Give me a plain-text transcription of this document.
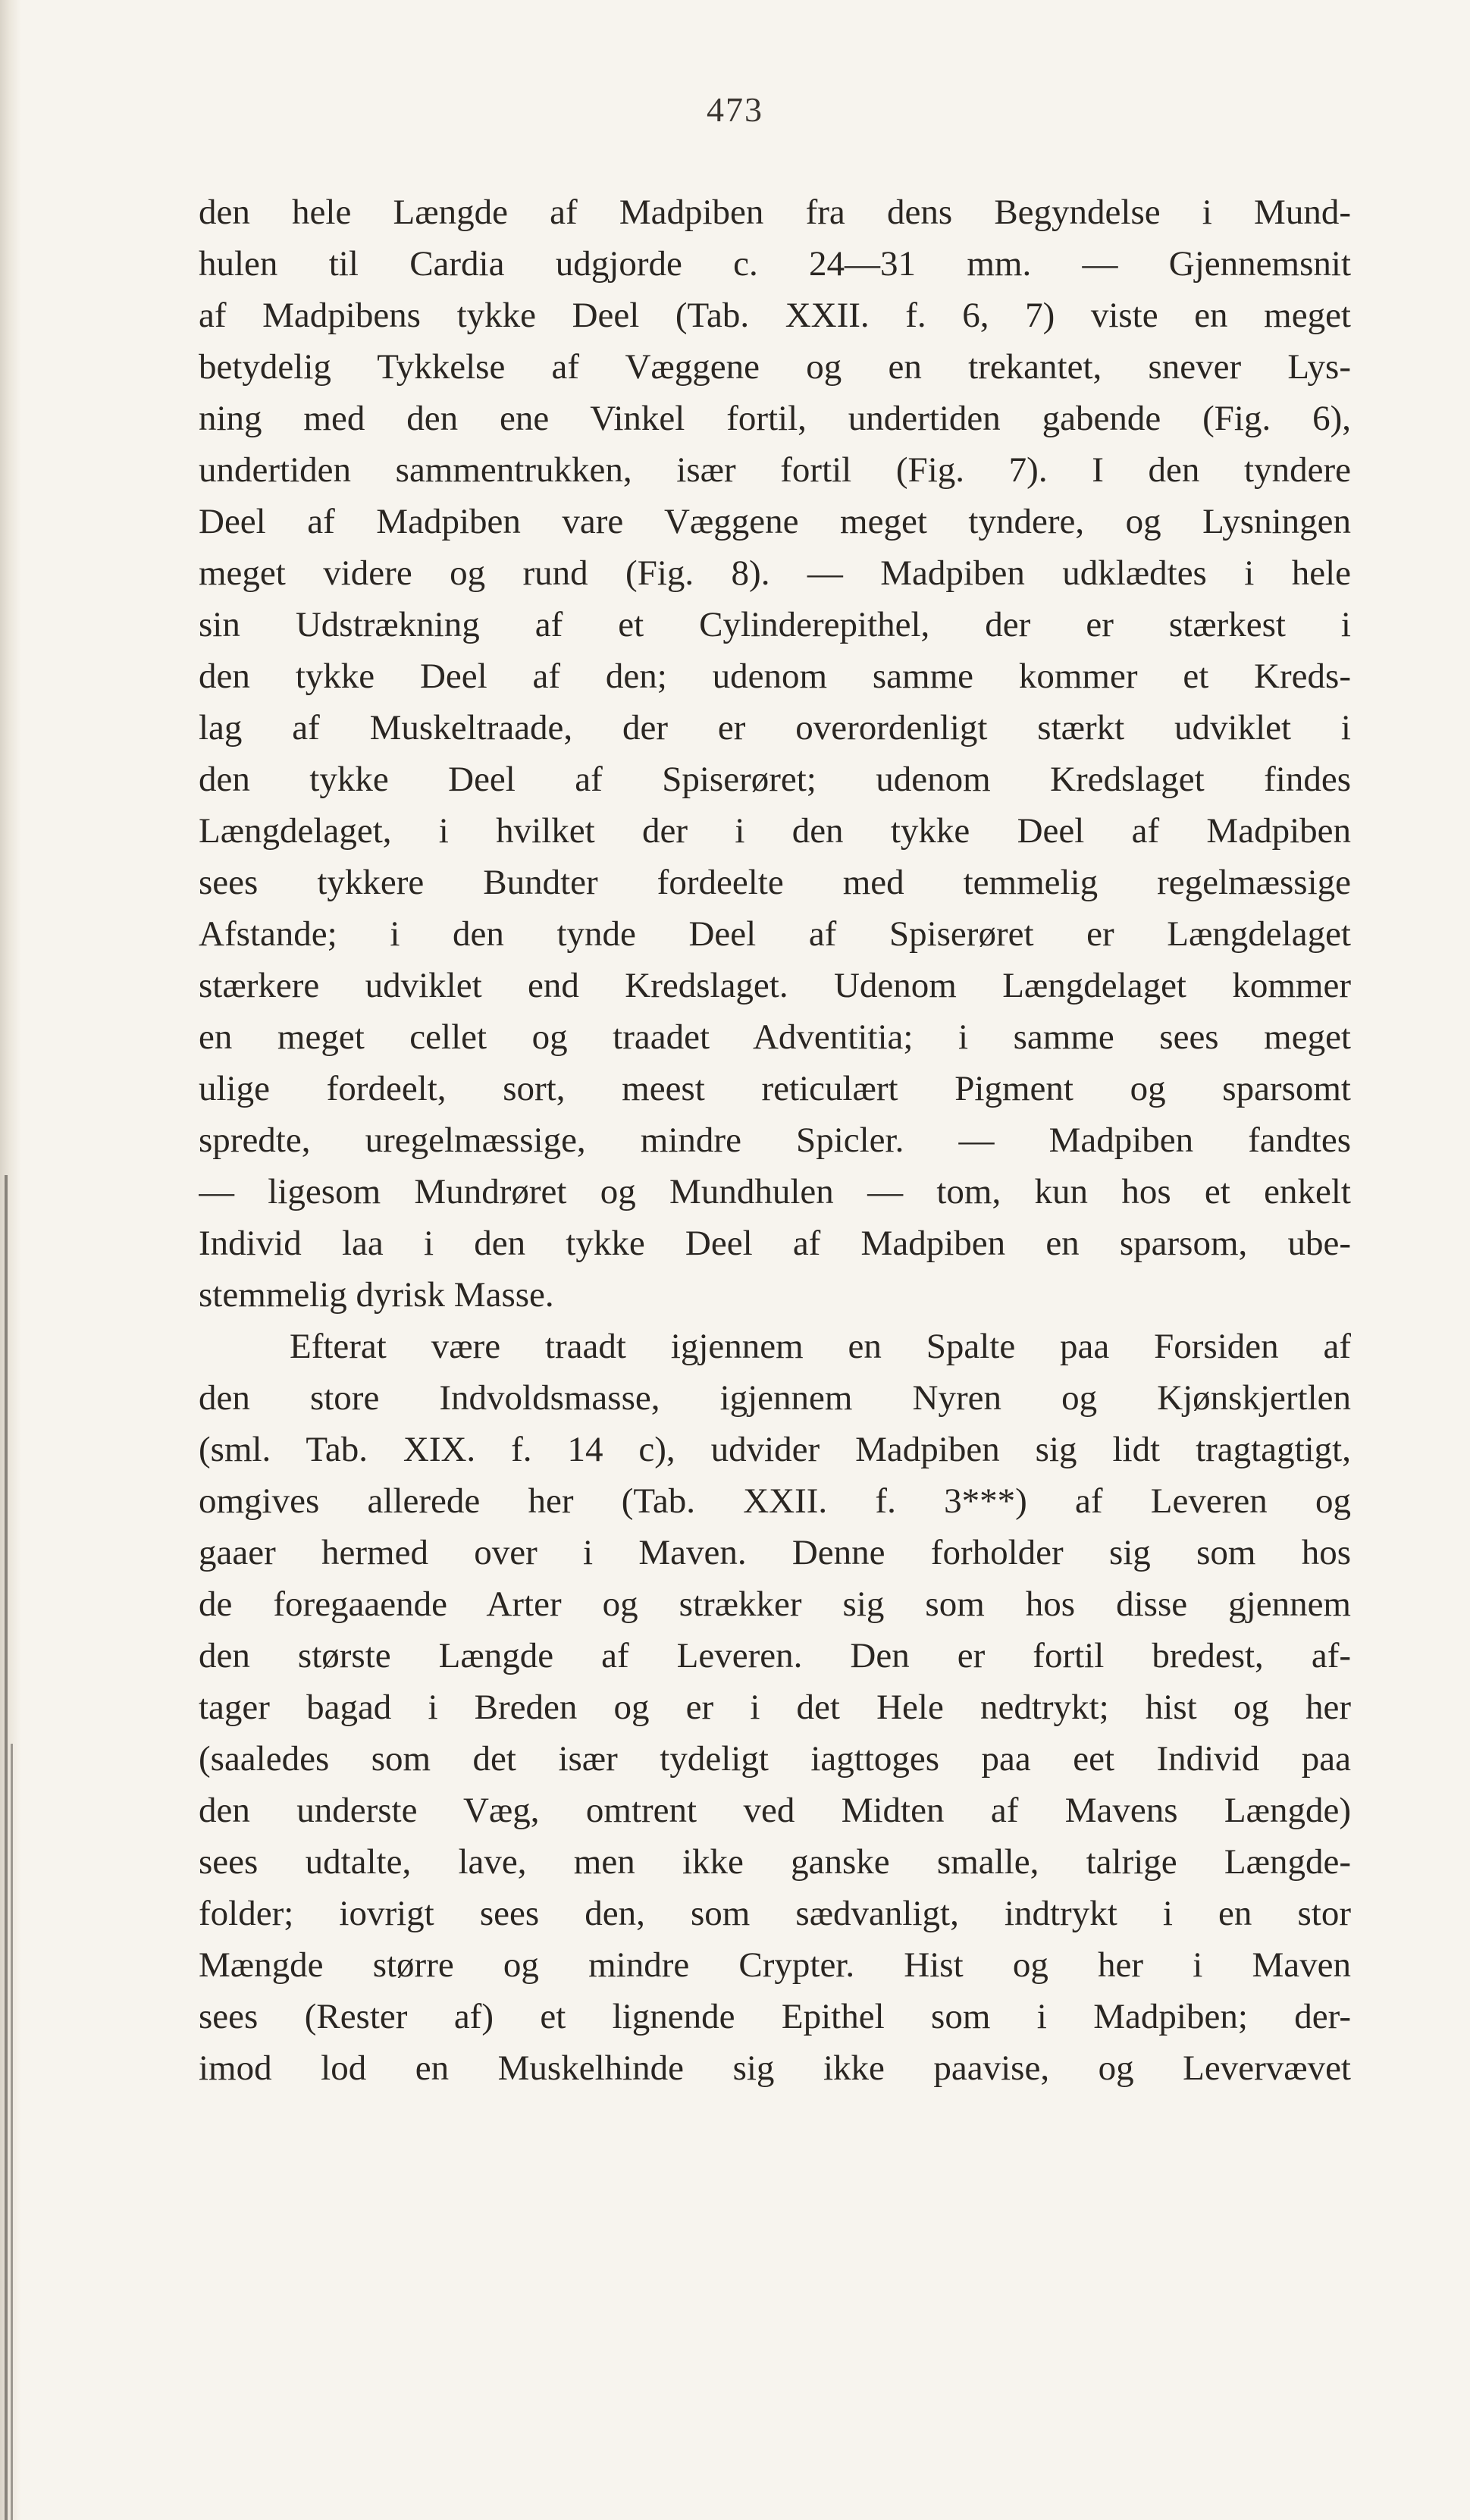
473
den hele Længde af Madpiben fra dens Begyndelse i Mund-
hulen til Cardia udgjorde c. 24—31 mm. — Gjennemsnit
af Madpibens tykke Deel (Tab. XXII. f. 6, 7) viste en meget
betydelig Tykkelse af Væggene og en trekantet, snever Lys-
ning med den ene Vinkel fortil, undertiden gabende (Fig. 6),
undertiden sammentrukken, især fortil (Fig. 7). I den tyndere
Deel af Madpiben vare Væggene meget tyndere, og Lysningen
meget videre og rund (Fig. 8). — Madpiben udklædtes i hele
sin Udstrækning af et Cylinderepithel, der er stærkest i
den tykke Deel af den; udenom samme kommer et Kreds-
lag af Muskeltraade, der er overordenligt stærkt udviklet i
den tykke Deel af Spiserøret; udenom Kredslaget findes
Længdelaget, i hvilket der i den tykke Deel af Madpiben
sees tykkere Bundter fordeelte med temmelig regelmæssige
Afstande; i den tynde Deel af Spiserøret er Længdelaget
stærkere udviklet end Kredslaget. Udenom Længdelaget kommer
en meget cellet og traadet Adventitia; i samme sees meget
ulige fordeelt, sort, meest reticulært Pigment og sparsomt
spredte, uregelmæssige, mindre Spicler. — Madpiben fandtes
— ligesom Mundrøret og Mundhulen — tom, kun hos et enkelt
Individ laa i den tykke Deel af Madpiben en sparsom, ube-
stemmelig dyrisk Masse.
Efterat være traadt igjennem en Spalte paa Forsiden af
den store Indvoldsmasse, igjennem Nyren og Kjønskjertlen
(sml. Tab. XIX. f. 14 c), udvider Madpiben sig lidt tragtagtigt,
omgives allerede her (Tab. XXII. f. 3***) af Leveren og
gaaer hermed over i Maven. Denne forholder sig som hos
de foregaaende Arter og strækker sig som hos disse gjennem
den største Længde af Leveren. Den er fortil bredest, af-
tager bagad i Breden og er i det Hele nedtrykt; hist og her
(saaledes som det især tydeligt iagttoges paa eet Individ paa
den underste Væg, omtrent ved Midten af Mavens Længde)
sees udtalte, lave, men ikke ganske smalle, talrige Længde-
folder; iovrigt sees den, som sædvanligt, indtrykt i en stor
Mængde større og mindre Crypter. Hist og her i Maven
sees (Rester af) et lignende Epithel som i Madpiben; der-
imod lod en Muskelhinde sig ikke paavise, og Levervævet
